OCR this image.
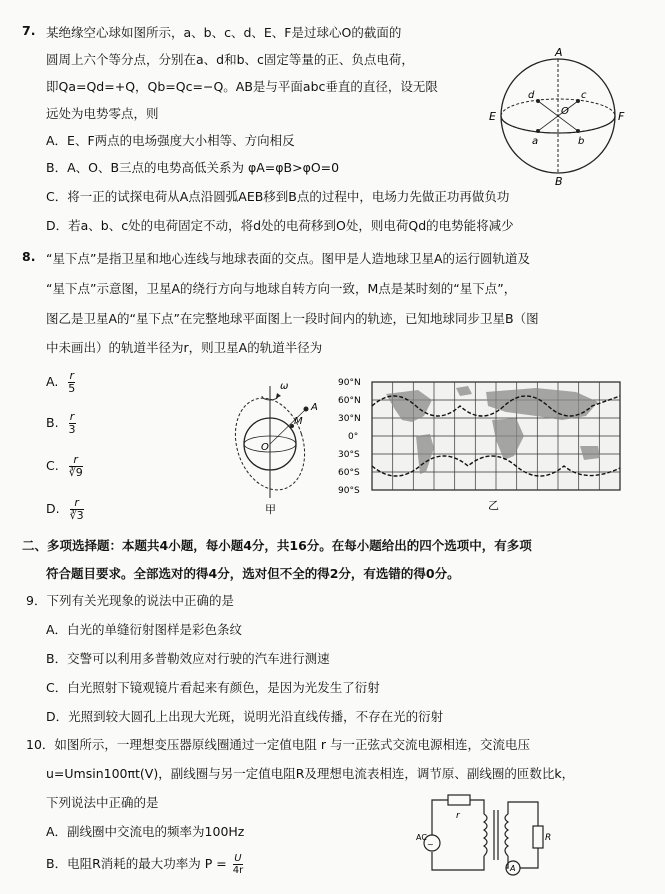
7. 某绝缘空心球如图所示，a、b、c、d、E、F是过球心O的截面的
圆周上六个等分点，分别在a、d和b、c固定等量的正、负点电荷，
即Qa=Qd=+Q，Qb=Qc=−Q。AB是与平面abc垂直的直径，设无限
远处为电势零点，则
A．E、F两点的电场强度大小相等、方向相反
B．A、O、B三点的电势高低关系为 φA=φB>φO=0
C．将一正的试探电荷从A点沿圆弧AEB移到B点的过程中，电场力先做正功再做负功
D．若a、b、c处的电荷固定不动，将d处的电荷移到O处，则电荷Qd的电势能将减少
A
B
E	F
O
d	c
a	b
8. “星下点”是指卫星和地心连线与地球表面的交点。图甲是人造地球卫星A的运行圆轨道及
“星下点”示意图，卫星A的绕行方向与地球自转方向一致，M点是某时刻的“星下点”，
图乙是卫星A的“星下点”在完整地球平面图上一段时间内的轨迹，已知地球同步卫星B（图
中未画出）的轨道半径为r，则卫星A的轨道半径为
A. $\frac{r}{5}$
B. $\frac{r}{3}$
C. $\frac{r}{∛9}$
D. $\frac{r}{∛3}$
ω
A
M
O
甲
90°N
60°N
30°N
0°
30°S
60°S
90°S
乙
二、多项选择题：本题共4小题，每小题4分，共16分。在每小题给出的四个选项中，有多项
符合题目要求。全部选对的得4分，选对但不全的得2分，有选错的得0分。
9．下列有关光现象的说法中正确的是
A．白光的单缝衍射图样是彩色条纹
B．交警可以利用多普勒效应对行驶的汽车进行测速
C．白光照射下镜观镜片看起来有颜色，是因为光发生了衍射
D．光照到较大圆孔上出现大光斑，说明光沿直线传播，不存在光的衍射
10．如图所示，一理想变压器原线圈通过一定值电阻 r 与一正弦式交流电源相连，交流电压
u=Umsin100πt(V)，副线圈与另一定值电阻R及理想电流表相连，调节原、副线圈的匝数比k，
下列说法中正确的是
A．副线圈中交流电的频率为100Hz
B．电阻R消耗的最大功率为 $P = \frac{U}{4r}$
~
AC
A
r
R
